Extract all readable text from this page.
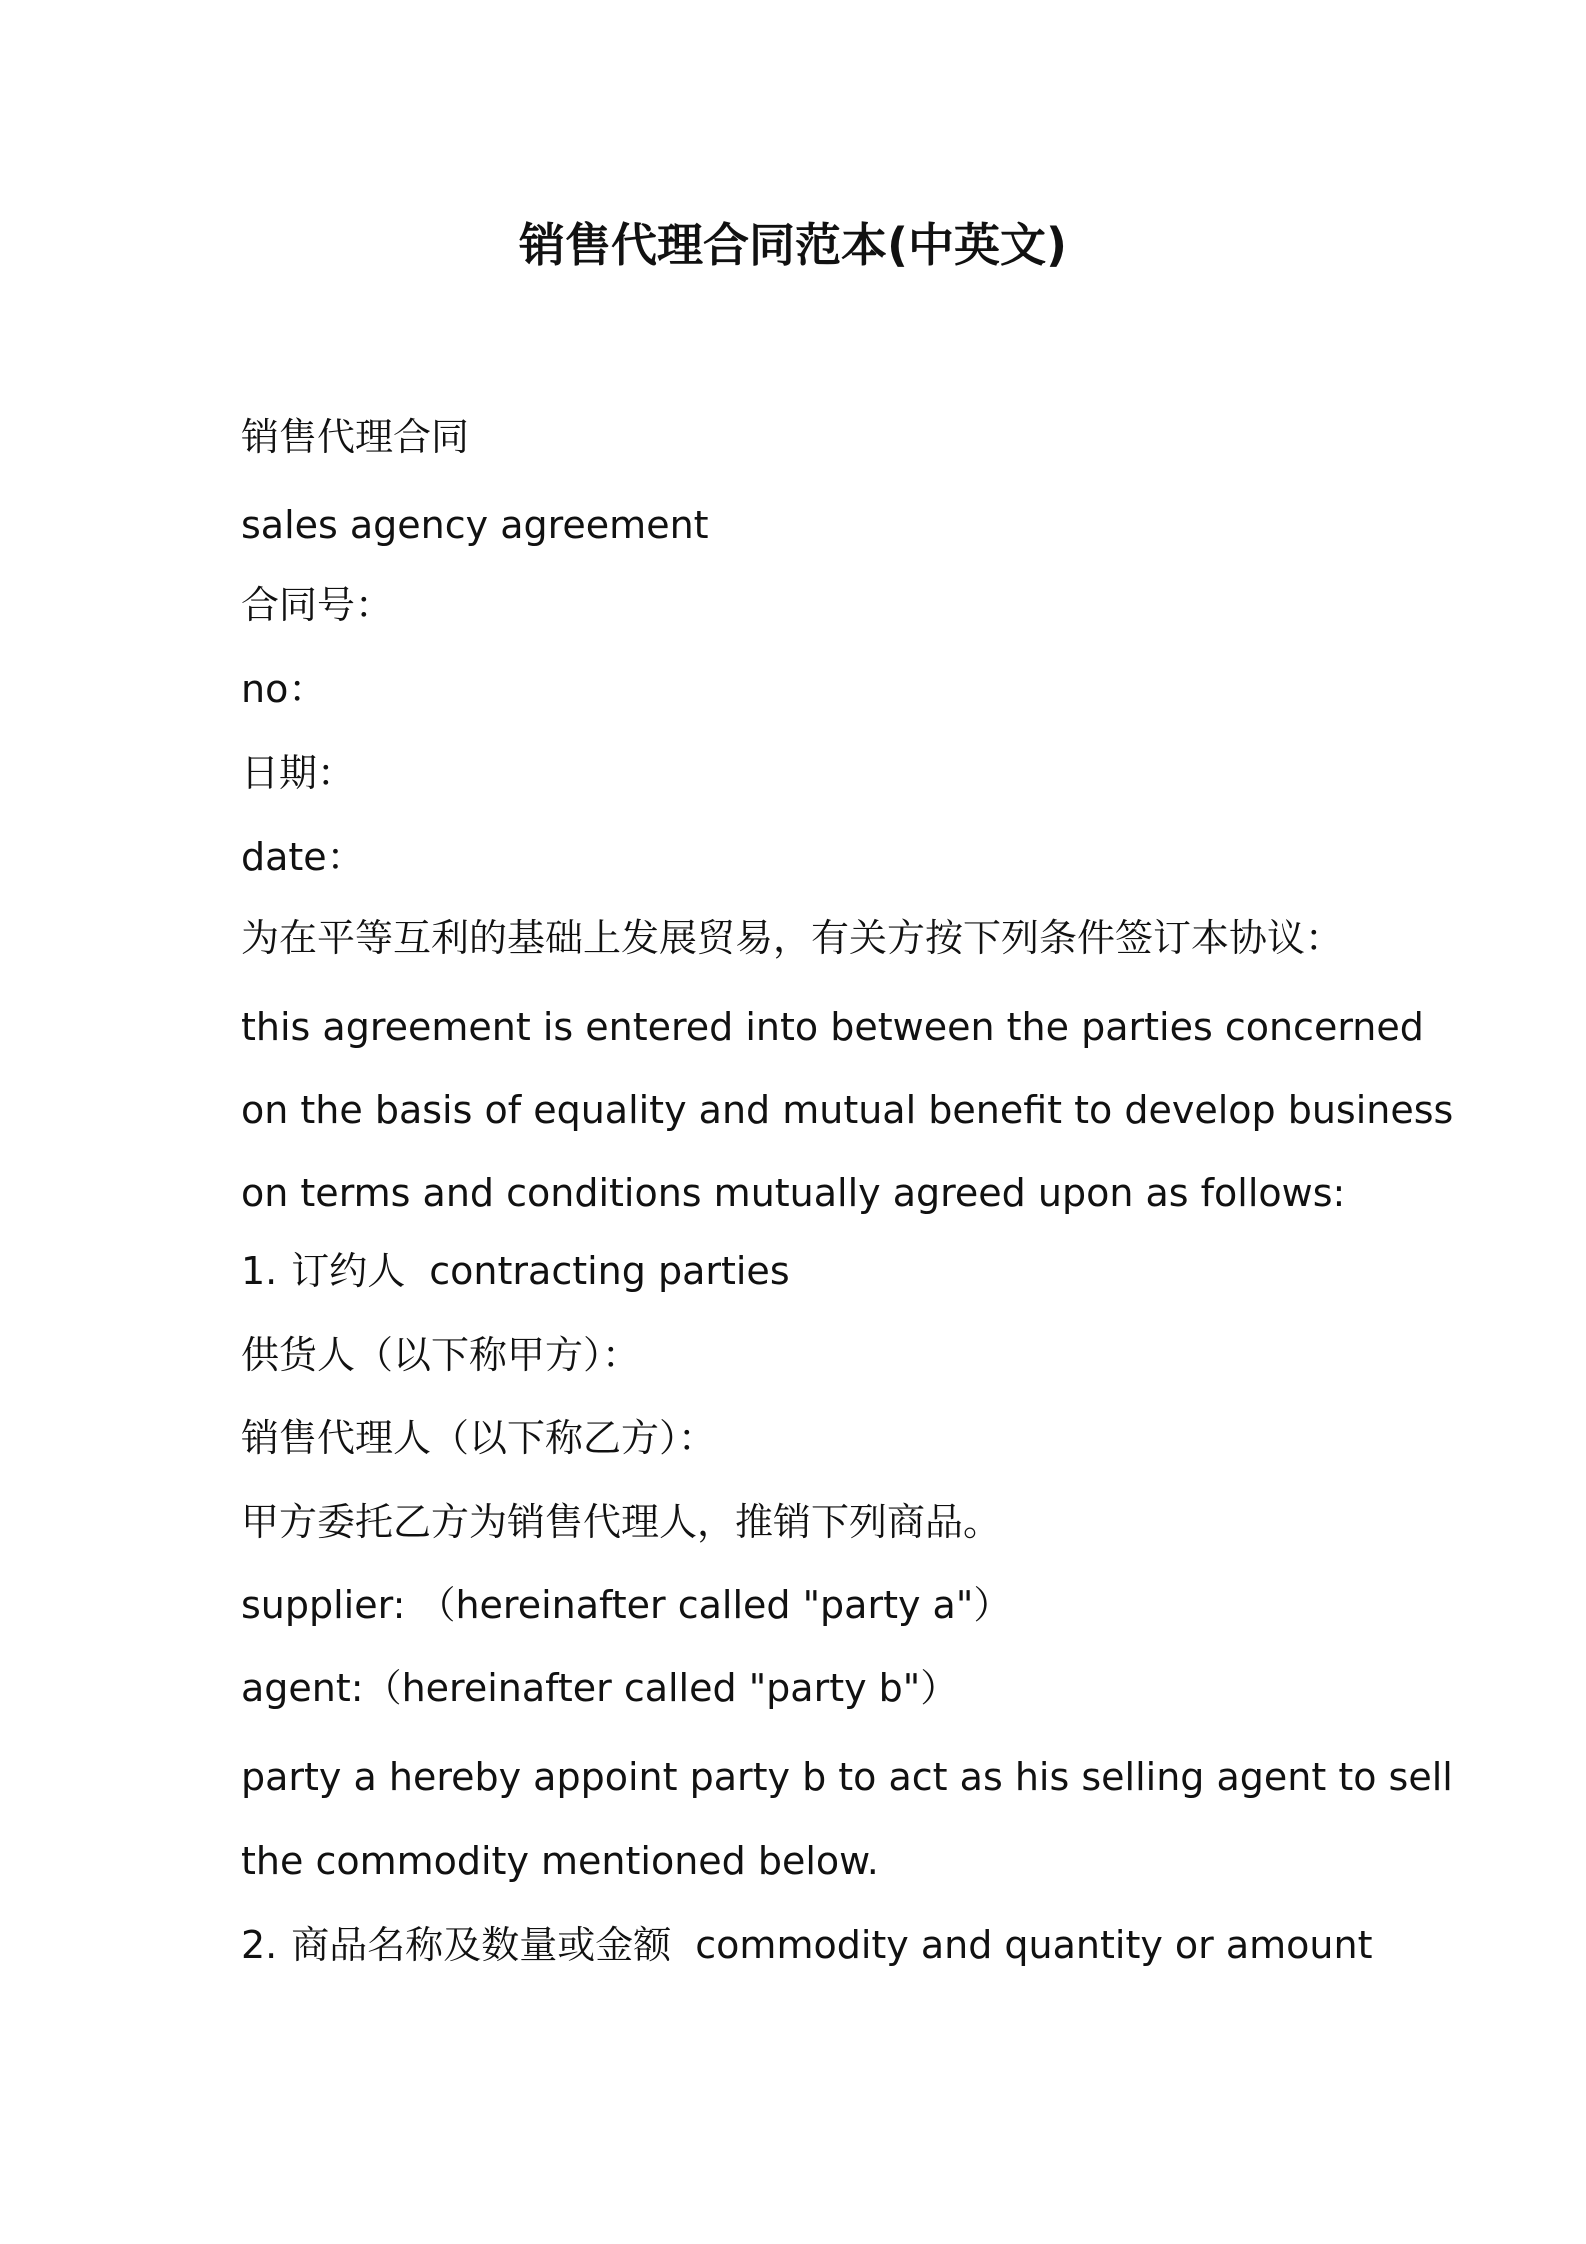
销售代理合同范本(中英文)

销售代理合同

sales agency agreement

合同号：

no：

日期：

date：

为在平等互利的基础上发展贸易，有关方按下列条件签订本协议：

this agreement is entered into between the parties concerned

on the basis of equality and mutual benefit to develop business

on terms and conditions mutually agreed upon as follows:

1. 订约人 contracting parties

供货人（以下称甲方）：

销售代理人（以下称乙方）：

甲方委托乙方为销售代理人，推销下列商品。

supplier: （hereinafter called "party a"）

agent:（hereinafter called "party b"）

party a hereby appoint party b to act as his selling agent to sell

the commodity mentioned below.

2. 商品名称及数量或金额 commodity and quantity or amount
